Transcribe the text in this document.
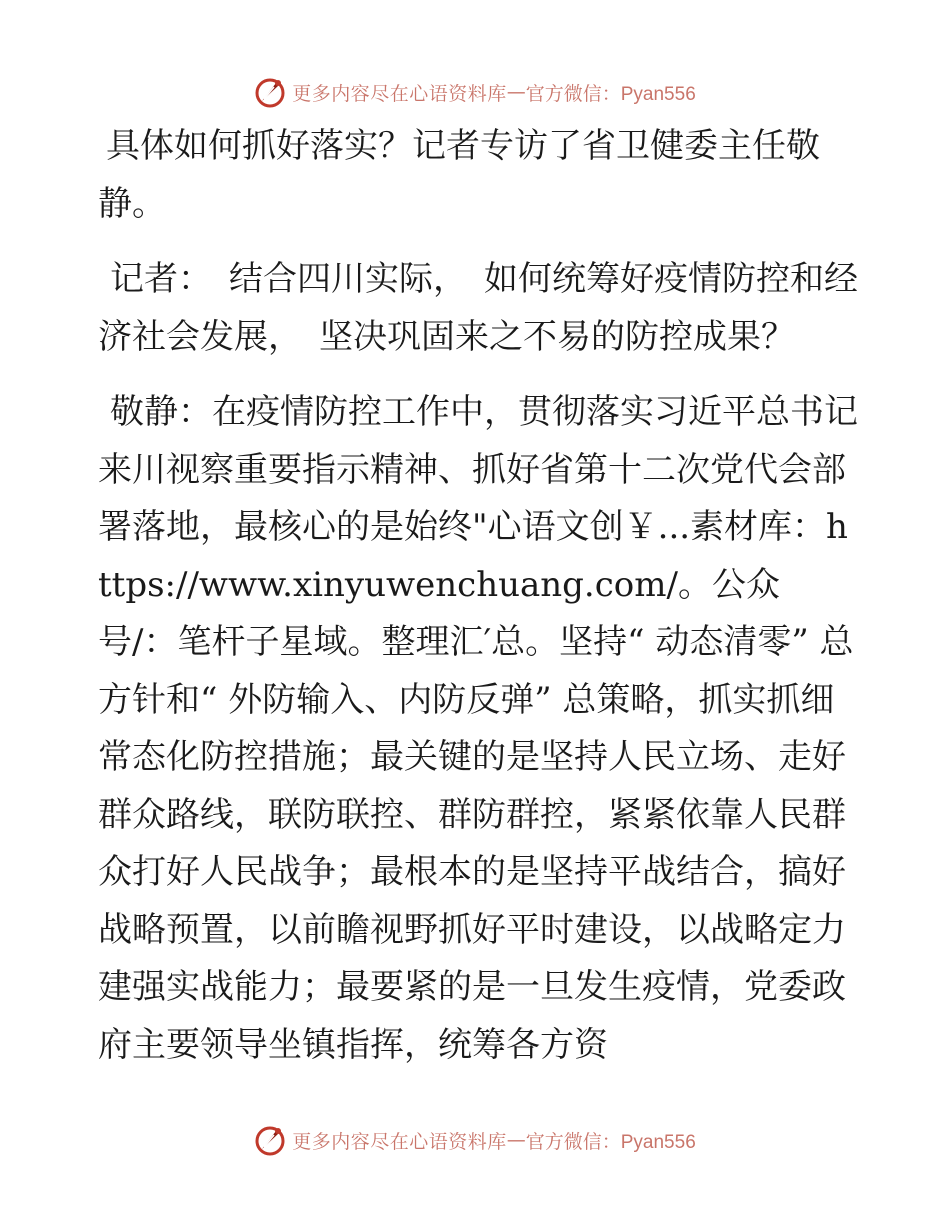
更多内容尽在心语资料库 — 官方微信：Pyan556

具体如何抓好落实？记者专访了省卫健委主任敬静。

记者：　结合四川实际，　如何统筹好疫情防控和经济社会发展，　坚决巩固来之不易的防控成果？

敬静：在疫情防控工作中，贯彻落实习近平总书记来川视察重要指示精神、抓好省第十二次党代会部署落地，最核心的是始终"心语文创￥...素材库：https://www.xinyuwenchuang.com/。公众号/：笔杆子星域。整理汇′总。坚持“ 动态清零” 总方针和“ 外防输入、内防反弹” 总策略，抓实抓细常态化防控措施；最关键的是坚持人民立场、走好群众路线，联防联控、群防群控，紧紧依靠人民群众打好人民战争；最根本的是坚持平战结合，搞好战略预置，以前瞻视野抓好平时建设，以战略定力建强实战能力；最要紧的是一旦发生疫情，党委政府主要领导坐镇指挥，统筹各方资

更多内容尽在心语资料库 — 官方微信：Pyan556
